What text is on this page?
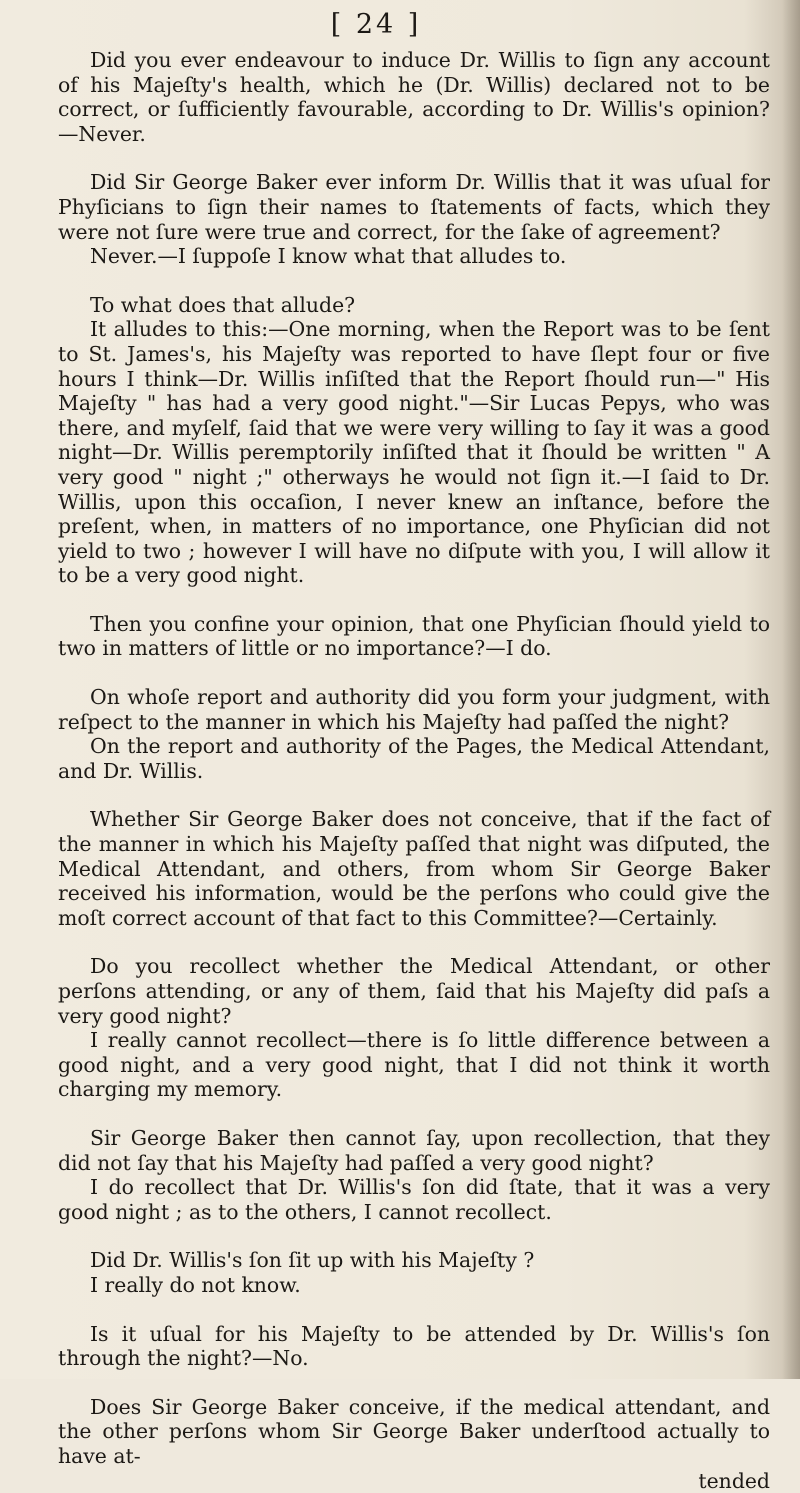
[ 24 ]

Did you ever endeavour to induce Dr. Willis to ſign any account of his Majeſty's health, which he (Dr. Willis) declared not to be correct, or ſufficiently favourable, according to Dr. Willis's opinion?—Never.

Did Sir George Baker ever inform Dr. Willis that it was uſual for Phyſicians to ſign their names to ſtatements of facts, which they were not ſure were true and correct, for the ſake of agreement?

Never.—I ſuppoſe I know what that alludes to.

To what does that allude?

It alludes to this:—One morning, when the Report was to be ſent to St. James's, his Majeſty was reported to have ſlept four or five hours I think—Dr. Willis inſiſted that the Report ſhould run—" His Majeſty " has had a very good night."—Sir Lucas Pepys, who was there, and myſelf, ſaid that we were very willing to ſay it was a good night—Dr. Willis peremptorily inſiſted that it ſhould be written " A very good " night ;" otherways he would not ſign it.—I ſaid to Dr. Willis, upon this occaſion, I never knew an inſtance, before the preſent, when, in matters of no importance, one Phyſician did not yield to two ; however I will have no diſpute with you, I will allow it to be a very good night.

Then you confine your opinion, that one Phyſician ſhould yield to two in matters of little or no importance?—I do.

On whoſe report and authority did you form your judgment, with reſpect to the manner in which his Majeſty had paſſed the night?

On the report and authority of the Pages, the Medical Attendant, and Dr. Willis.

Whether Sir George Baker does not conceive, that if the fact of the manner in which his Majeſty paſſed that night was diſputed, the Medical Attendant, and others, from whom Sir George Baker received his information, would be the perſons who could give the moſt correct account of that fact to this Committee?—Certainly.

Do you recollect whether the Medical Attendant, or other perſons attending, or any of them, ſaid that his Majeſty did paſs a very good night?

I really cannot recollect—there is ſo little difference between a good night, and a very good night, that I did not think it worth charging my memory.

Sir George Baker then cannot ſay, upon recollection, that they did not ſay that his Majeſty had paſſed a very good night?

I do recollect that Dr. Willis's ſon did ſtate, that it was a very good night ; as to the others, I cannot recollect.

Did Dr. Willis's ſon ſit up with his Majeſty ?

I really do not know.

Is it uſual for his Majeſty to be attended by Dr. Willis's ſon through the night?—No.

Does Sir George Baker conceive, if the medical attendant, and the other perſons whom Sir George Baker underſtood actually to have at-

tended
